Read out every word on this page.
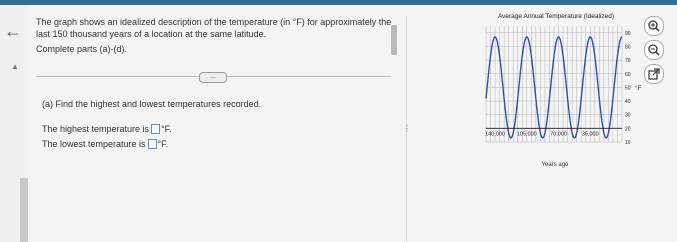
←
▲
The graph shows an idealized description of the temperature (in °F) for approximately the last 150 thousand years of a location at the same latitude.
Complete parts (a)-(d).
...
(a) Find the highest and lowest temperatures recorded.
The highest temperature is °F.
The lowest temperature is °F.
⋮
Average Annual Temperature (Idealized)
140,000 105,000 70,000	35,000
90
80
70
60
50
40
30
20
10
Years ago
°F
